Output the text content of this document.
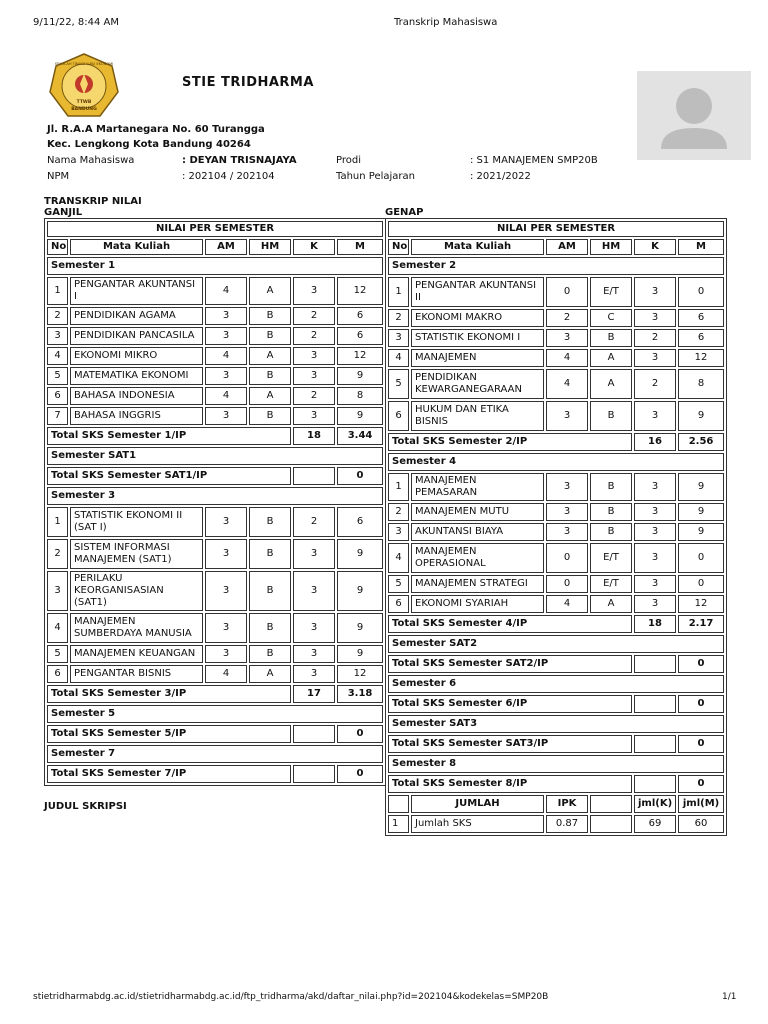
9/11/22, 8:44 AM	Transkrip Mahasiswa
SEKOLAH TINGGI ILMU EKONOMI
TTWB
BANDUNG
STIE TRIDHARMA
Jl. R.A.A Martanegara No. 60 Turangga
Kec. Lengkong Kota Bandung 40264
Nama Mahasiswa	: DEYAN TRISNAJAYA	Prodi	: S1 MANAJEMEN SMP20B
NPM	: 202104 / 202104	Tahun Pelajaran	: 2021/2022
TRANSKRIP NILAI
GANJIL	GENAP
NILAI PER SEMESTER					
No	Mata Kuliah	AM	HM	K	M
Semester 1					
1	PENGANTAR AKUNTANSI I	4	A	3	12
2	PENDIDIKAN AGAMA	3	B	2	6
3	PENDIDIKAN PANCASILA	3	B	2	6
4	EKONOMI MIKRO	4	A	3	12
5	MATEMATIKA EKONOMI	3	B	3	9
6	BAHASA INDONESIA	4	A	2	8
7	BAHASA INGGRIS	3	B	3	9
Total SKS Semester 1/IP				18	3.44
Semester SAT1					
Total SKS Semester SAT1/IP					0
Semester 3					
1	STATISTIK EKONOMI II (SAT I)	3	B	2	6
2	SISTEM INFORMASI MANAJEMEN (SAT1)	3	B	3	9
3	PERILAKU KEORGANISASIAN (SAT1)	3	B	3	9
4	MANAJEMEN SUMBERDAYA MANUSIA	3	B	3	9
5	MANAJEMEN KEUANGAN	3	B	3	9
6	PENGANTAR BISNIS	4	A	3	12
Total SKS Semester 3/IP				17	3.18
Semester 5					
Total SKS Semester 5/IP					0
Semester 7					
Total SKS Semester 7/IP					0
NILAI PER SEMESTER					
No	Mata Kuliah	AM	HM	K	M
Semester 2					
1	PENGANTAR AKUNTANSI II	0	E/T	3	0
2	EKONOMI MAKRO	2	C	3	6
3	STATISTIK EKONOMI I	3	B	2	6
4	MANAJEMEN	4	A	3	12
5	PENDIDIKAN KEWARGANEGARAAN	4	A	2	8
6	HUKUM DAN ETIKA BISNIS	3	B	3	9
Total SKS Semester 2/IP				16	2.56
Semester 4					
1	MANAJEMEN PEMASARAN	3	B	3	9
2	MANAJEMEN MUTU	3	B	3	9
3	AKUNTANSI BIAYA	3	B	3	9
4	MANAJEMEN OPERASIONAL	0	E/T	3	0
5	MANAJEMEN STRATEGI	0	E/T	3	0
6	EKONOMI SYARIAH	4	A	3	12
Total SKS Semester 4/IP				18	2.17
Semester SAT2					
Total SKS Semester SAT2/IP					0
Semester 6					
Total SKS Semester 6/IP					0
Semester SAT3					
Total SKS Semester SAT3/IP					0
Semester 8					
Total SKS Semester 8/IP					0
	JUMLAH	IPK		jml(K)	jml(M)
1	Jumlah SKS	0.87		69	60
JUDUL SKRIPSI
stietridharmabdg.ac.id/stietridharmabdg.ac.id/ftp_tridharma/akd/daftar_nilai.php?id=202104&kodekelas=SMP20B	1/1
